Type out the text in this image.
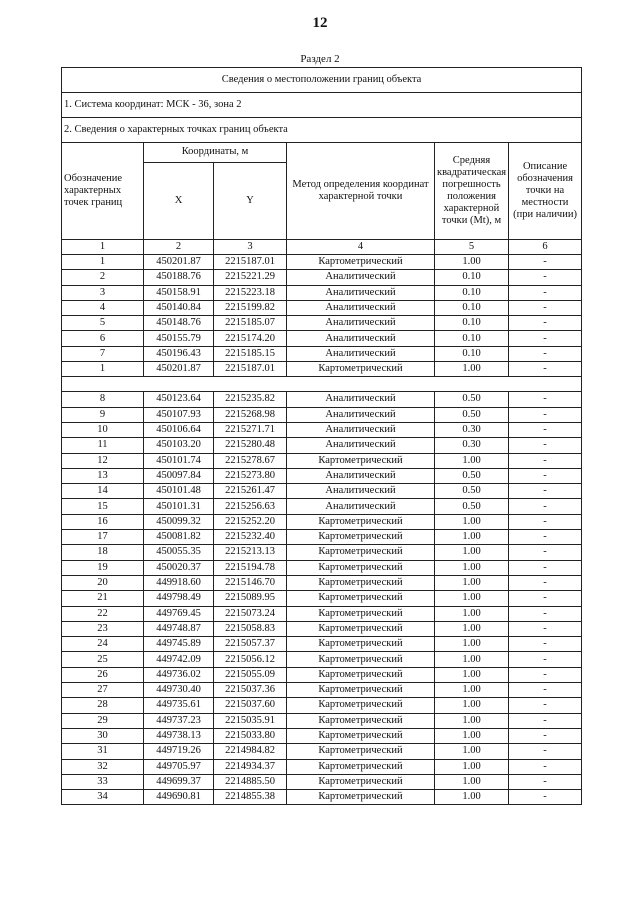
12
Раздел 2
Сведения о местоположении границ объекта					
1. Система координат: МСК - 36, зона 2					
2. Сведения о характерных точках границ объекта					
Обозначение характерных точек границ	Координаты, м		Метод определения координат характерной точки	Средняя квадратическая погрешность положения характерной точки (Mt), м	Описание обозначения точки на местности (при наличии)
	X	Y			
1	2	3	4	5	6
1	450201.87	2215187.01	Картометрический	1.00	-
2	450188.76	2215221.29	Аналитический	0.10	-
3	450158.91	2215223.18	Аналитический	0.10	-
4	450140.84	2215199.82	Аналитический	0.10	-
5	450148.76	2215185.07	Аналитический	0.10	-
6	450155.79	2215174.20	Аналитический	0.10	-
7	450196.43	2215185.15	Аналитический	0.10	-
1	450201.87	2215187.01	Картометрический	1.00	-

8	450123.64	2215235.82	Аналитический	0.50	-
9	450107.93	2215268.98	Аналитический	0.50	-
10	450106.64	2215271.71	Аналитический	0.30	-
11	450103.20	2215280.48	Аналитический	0.30	-
12	450101.74	2215278.67	Картометрический	1.00	-
13	450097.84	2215273.80	Аналитический	0.50	-
14	450101.48	2215261.47	Аналитический	0.50	-
15	450101.31	2215256.63	Аналитический	0.50	-
16	450099.32	2215252.20	Картометрический	1.00	-
17	450081.82	2215232.40	Картометрический	1.00	-
18	450055.35	2215213.13	Картометрический	1.00	-
19	450020.37	2215194.78	Картометрический	1.00	-
20	449918.60	2215146.70	Картометрический	1.00	-
21	449798.49	2215089.95	Картометрический	1.00	-
22	449769.45	2215073.24	Картометрический	1.00	-
23	449748.87	2215058.83	Картометрический	1.00	-
24	449745.89	2215057.37	Картометрический	1.00	-
25	449742.09	2215056.12	Картометрический	1.00	-
26	449736.02	2215055.09	Картометрический	1.00	-
27	449730.40	2215037.36	Картометрический	1.00	-
28	449735.61	2215037.60	Картометрический	1.00	-
29	449737.23	2215035.91	Картометрический	1.00	-
30	449738.13	2215033.80	Картометрический	1.00	-
31	449719.26	2214984.82	Картометрический	1.00	-
32	449705.97	2214934.37	Картометрический	1.00	-
33	449699.37	2214885.50	Картометрический	1.00	-
34	449690.81	2214855.38	Картометрический	1.00	-
